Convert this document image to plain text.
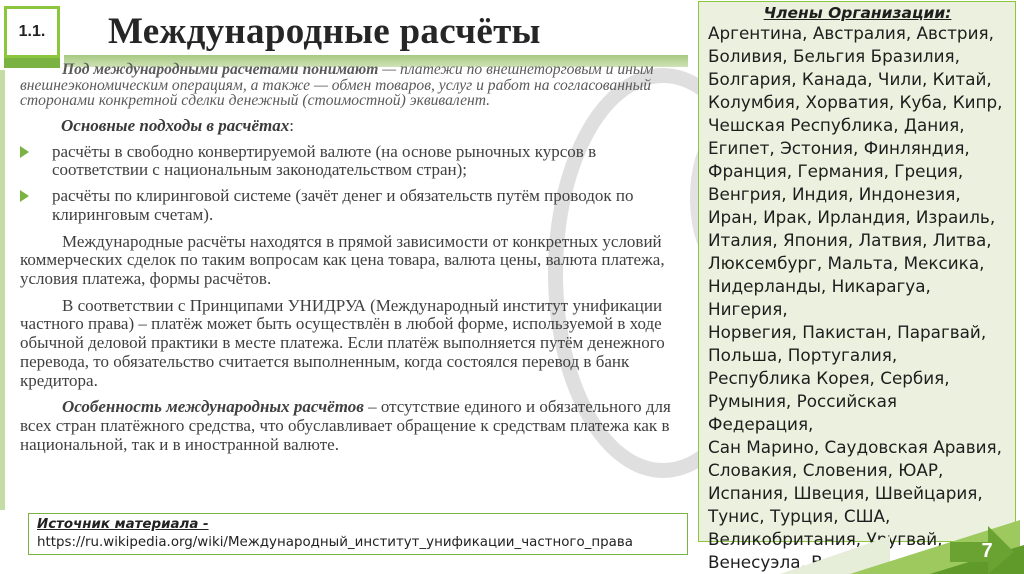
1.1. Международные расчёты

Под международными расчетами понимают — платежи по внешнеторговым и иным внешнеэкономическим операциям, а также — обмен товаров, услуг и работ на согласованный сторонами конкретной сделки денежный (стоимостной) эквивалент.

Основные подходы в расчётах:
расчёты в свободно конвертируемой валюте (на основе рыночных курсов в соответствии с национальным законодательством стран);
расчёты по клиринговой системе (зачёт денег и обязательств путём проводок по клиринговым счетам).

Международные расчёты находятся в прямой зависимости от конкретных условий коммерческих сделок по таким вопросам как цена товара, валюта цены, валюта платежа, условия платежа, формы расчётов.

В соответствии с Принципами УНИДРУА (Международный институт унификации частного права) – платёж может быть осуществлён в любой форме, используемой в ходе обычной деловой практики в месте платежа. Если платёж выполняется путём денежного перевода, то обязательство считается выполненным, когда состоялся перевод в банк кредитора.

Особенность международных расчётов – отсутствие единого и обязательного для всех стран платёжного средства, что обуславливает обращение к средствам платежа как в национальной, так и в иностранной валюте.

Источник материала -
https://ru.wikipedia.org/wiki/Международный_институт_унификации_частного_права
Члены Организации:
Аргентина, Австралия, Австрия,
Боливия, Бельгия Бразилия,
Болгария, Канада, Чили, Китай,
Колумбия, Хорватия, Куба, Кипр,
Чешская Республика, Дания,
Египет, Эстония, Финляндия,
Франция, Германия, Греция,
Венгрия, Индия, Индонезия,
Иран, Ирак, Ирландия, Израиль,
Италия, Япония, Латвия, Литва,
Люксембург, Мальта, Мексика,
Нидерланды, Никарагуа, Нигерия,
Норвегия, Пакистан, Парагвай,
Польша, Португалия,
Республика Корея, Сербия,
Румыния, Российская Федерация,
Сан Марино, Саудовская Аравия,
Словакия, Словения, ЮАР,
Испания, Швеция, Швейцария,
Тунис, Турция, США,
Великобритания, Уругвай,
Венесуэла, Ватикан.	7
